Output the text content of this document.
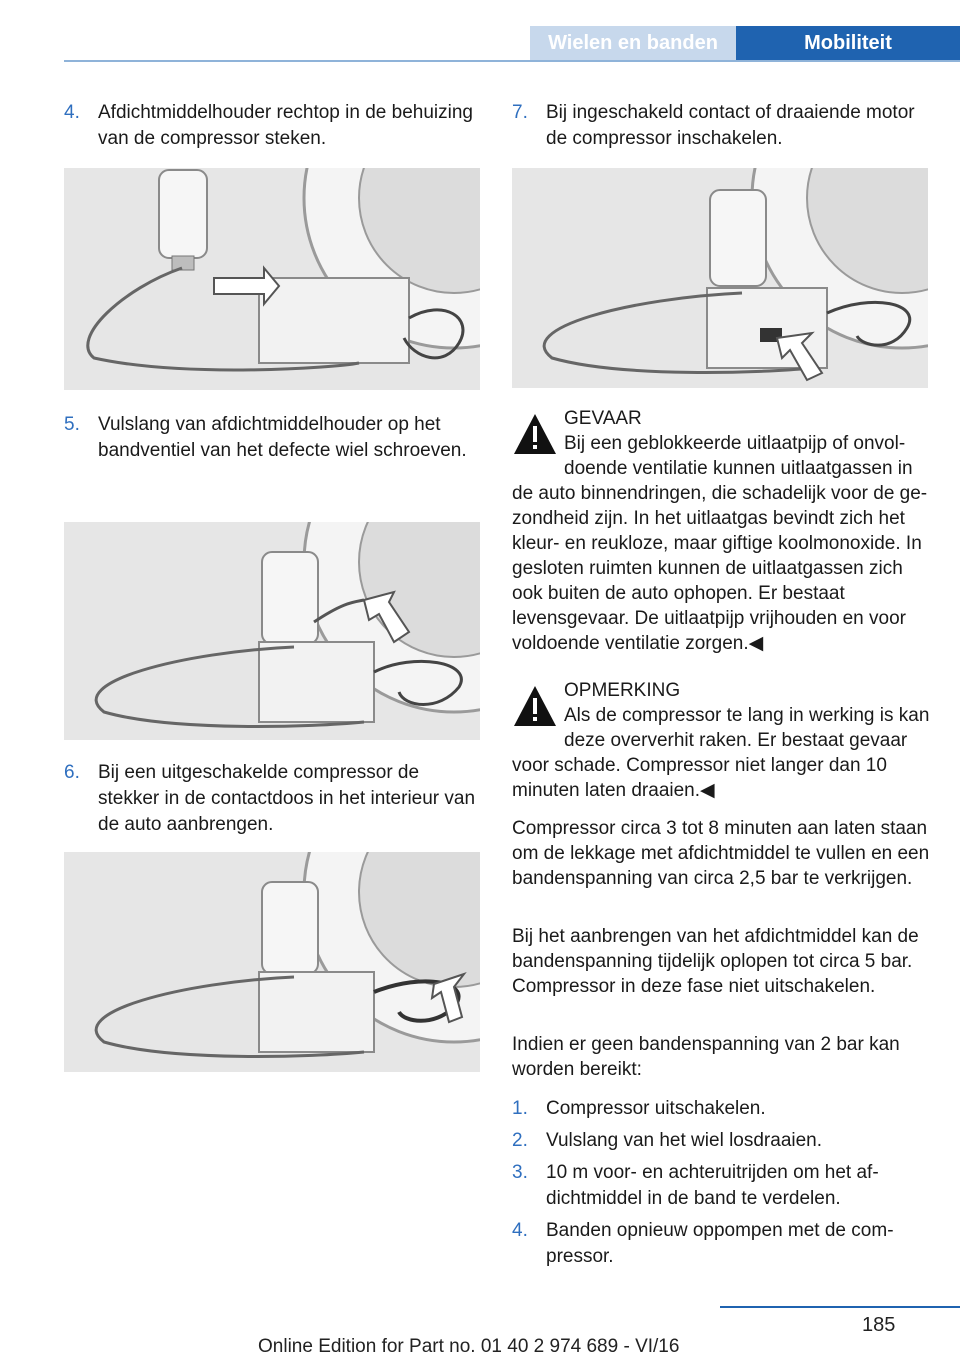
Wielen en banden	Mobiliteit
4. Afdichtmiddelhouder rechtop in de behuizing van de compressor steken.
5. Vulslang van afdichtmiddelhouder op het bandventiel van het defecte wiel schroeven.
6. Bij een uitgeschakelde compressor de stekker in de contactdoos in het interieur van de auto aanbrengen.
7. Bij ingeschakeld contact of draaiende motor de compressor inschakelen.
GEVAAR
Bij een geblokkeerde uitlaatpijp of onvoldoende ventilatie kunnen uitlaatgassen in de auto binnendringen, die schadelijk voor de gezondheid zijn. In het uitlaatgas bevindt zich het kleur- en reukloze, maar giftige koolmonoxide. In gesloten ruimten kunnen de uitlaatgassen zich ook buiten de auto ophopen. Er bestaat levensgevaar. De uitlaatpijp vrijhouden en voor voldoende ventilatie zorgen.◀
OPMERKING
Als de compressor te lang in werking is kan deze oververhit raken. Er bestaat gevaar voor schade. Compressor niet langer dan 10 minuten laten draaien.◀

Compressor circa 3 tot 8 minuten aan laten staan om de lekkage met afdichtmiddel te vullen en een bandenspanning van circa 2,5 bar te verkrijgen.

Bij het aanbrengen van het afdichtmiddel kan de bandenspanning tijdelijk oplopen tot circa 5 bar. Compressor in deze fase niet uitschakelen.

Indien er geen bandenspanning van 2 bar kan worden bereikt:

1. Compressor uitschakelen.
2. Vulslang van het wiel losdraaien.
3. 10 m voor- en achteruitrijden om het afdichtmiddel in de band te verdelen.
4. Banden opnieuw oppompen met de compressor.
185
Online Edition for Part no. 01 40 2 974 689 - VI/16
